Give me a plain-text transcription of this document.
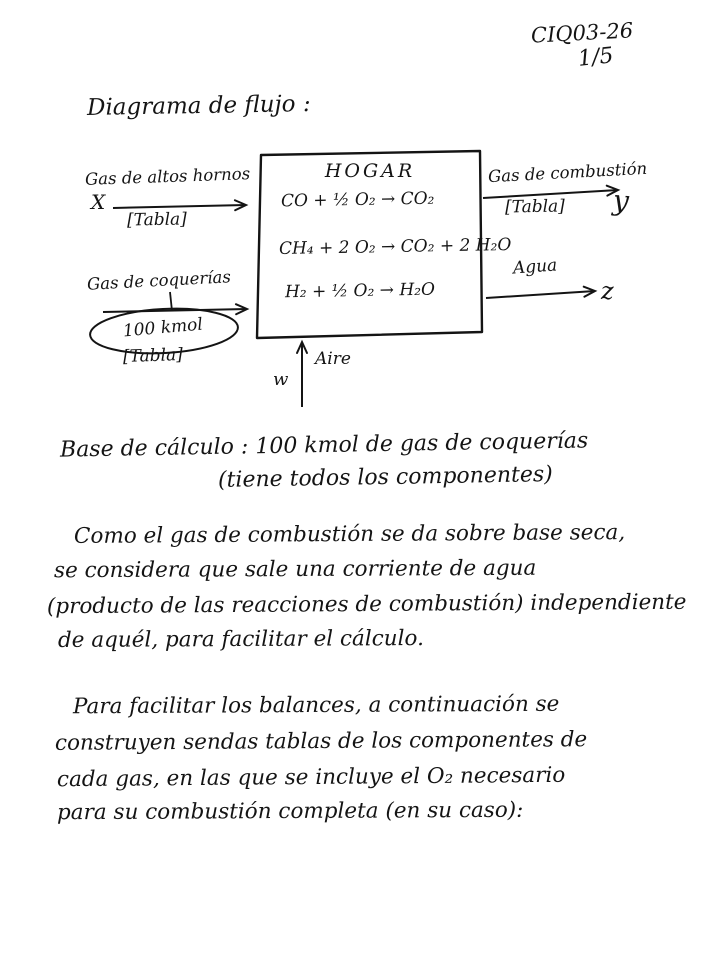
CIQ03-26
1/5
Diagrama de flujo :
Gas de altos hornos
X
[Tabla]
Gas de coquerías
100 kmol
[Tabla]
HOGAR
CO + ½ O₂ → CO₂
CH₄ + 2 O₂ → CO₂ + 2 H₂O
H₂ + ½ O₂ → H₂O
Gas de combustión
[Tabla] y
Agua
z
Aire
w
Base de cálculo : 100 kmol de gas de coquerías
(tiene todos los componentes)
Como el gas de combustión se da sobre base seca,
se considera que sale una corriente de agua
(producto de las reacciones de combustión) independiente
de aquél, para facilitar el cálculo.
Para facilitar los balances, a continuación se
construyen sendas tablas de los componentes de
cada gas, en las que se incluye el O₂ necesario
para su combustión completa (en su caso):
